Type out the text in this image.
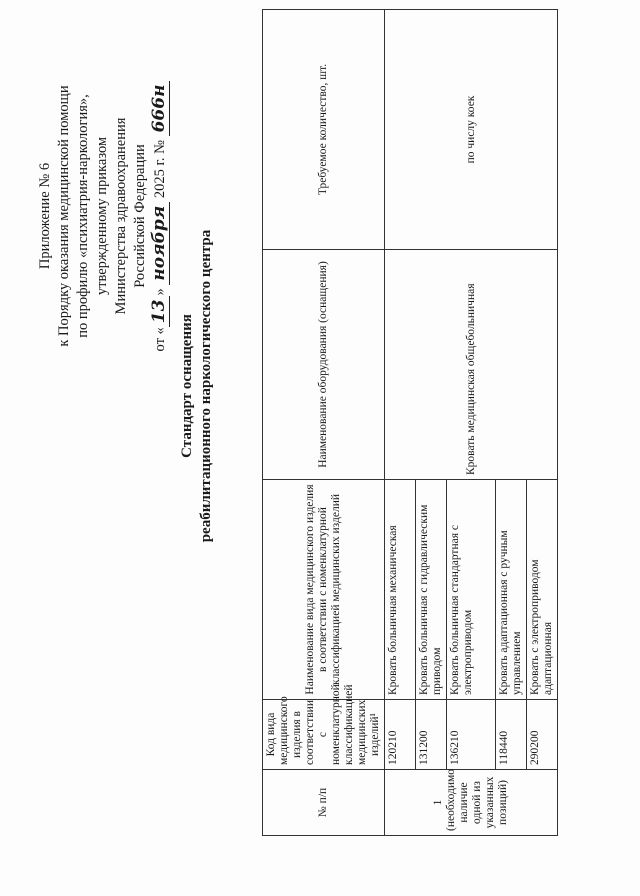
Приложение № 6 к Порядку оказания медицинской помощи по профилю «психиатрия-наркология», утвержденному приказом Министерства здравоохранения Российской Федерации
от «13» ноября 2025 г. № 666н
Стандарт оснащения реабилитационного наркологического центра
№ п/п	Код вида медицинского изделия в соответствии с номенклатурной классификацией медицинских изделий¹	Наименование вида медицинского изделия в соответствии с номенклатурной классификацией медицинских изделий	Наименование оборудования (оснащения)	Требуемое количество, шт.
1 (необходимо наличие одной из указанных позиций)	120210	Кровать больничная механическая	Кровать медицинская общебольничная	по числу коек
	131200	Кровать больничная с гидравлическим приводом		
	136210	Кровать больничная стандартная с электроприводом		
	118440	Кровать адаптационная с ручным управлением		
	290200	Кровать с электроприводом адаптационная		
